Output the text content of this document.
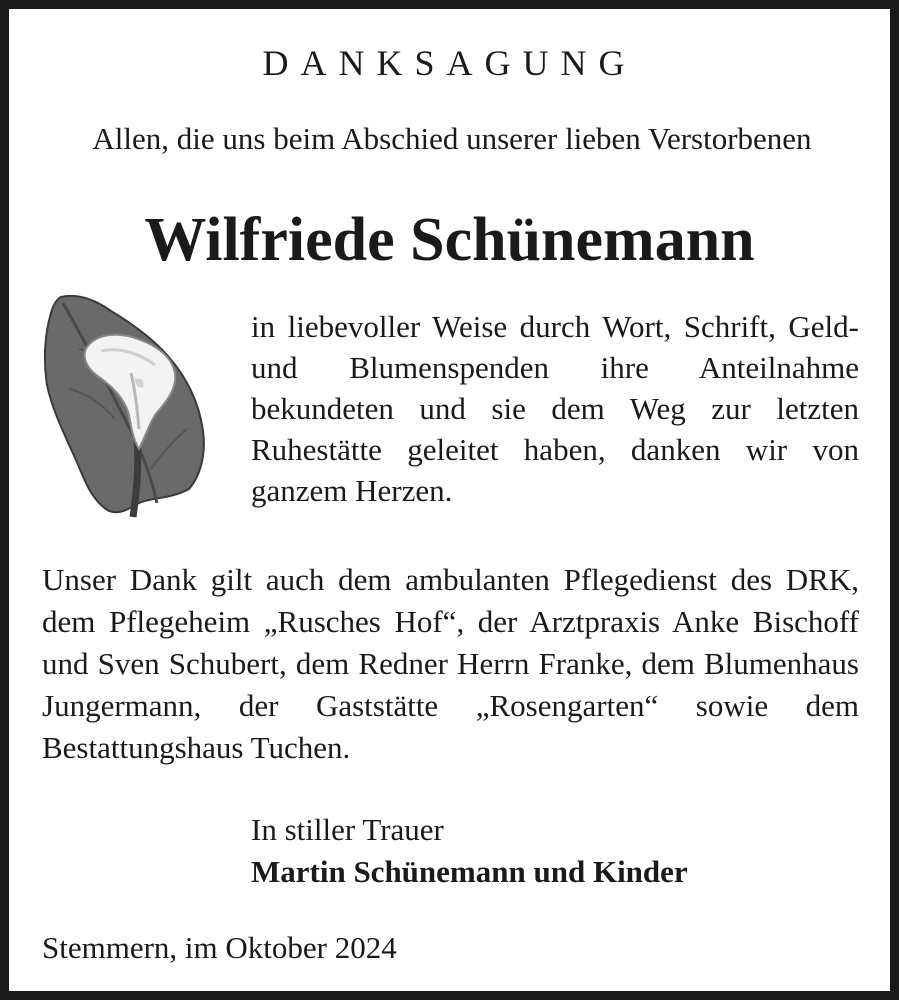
DANKSAGUNG
Allen, die uns beim Abschied unserer lieben Verstorbenen
Wilfriede Schünemann
in liebevoller Weise durch Wort, Schrift, Geld- und Blumenspenden ihre Anteilnahme bekundeten und sie dem Weg zur letzten Ruhestätte geleitet haben, danken wir von ganzem Herzen.
Unser Dank gilt auch dem ambulanten Pflegedienst des DRK, dem Pflegeheim „Rusches Hof“, der Arztpraxis Anke Bischoff und Sven Schubert, dem Redner Herrn Franke, dem Blumenhaus Jungermann, der Gaststätte „Rosengarten“ sowie dem Bestattungshaus Tuchen.
In stiller Trauer
Martin Schünemann und Kinder
Stemmern, im Oktober 2024
